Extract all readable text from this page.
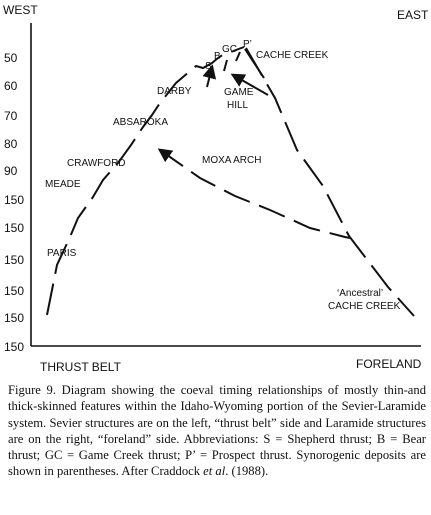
WEST	EAST
THRUST BELT	FORELAND
50
60
70
80
90
150
150
150
150
150
150
PARIS
MEADE
CRAWFORD
ABSAROKA
DARBY
S
B
GC P’
CACHE CREEK
GAME
HILL
MOXA ARCH
‘Ancestral’
CACHE CREEK
Figure 9. Diagram showing the coeval timing relationships of mostly thin-and thick-skinned features within the Idaho-Wyoming portion of the Sevier-Laramide system. Sevier structures are on the left, “thrust belt” side and Laramide structures are on the right, “foreland” side. Abbreviations: S = Shepherd thrust; B = Bear thrust; GC = Game Creek thrust; P’ = Prospect thrust. Synorogenic deposits are shown in parentheses. After Craddock et al. (1988).
